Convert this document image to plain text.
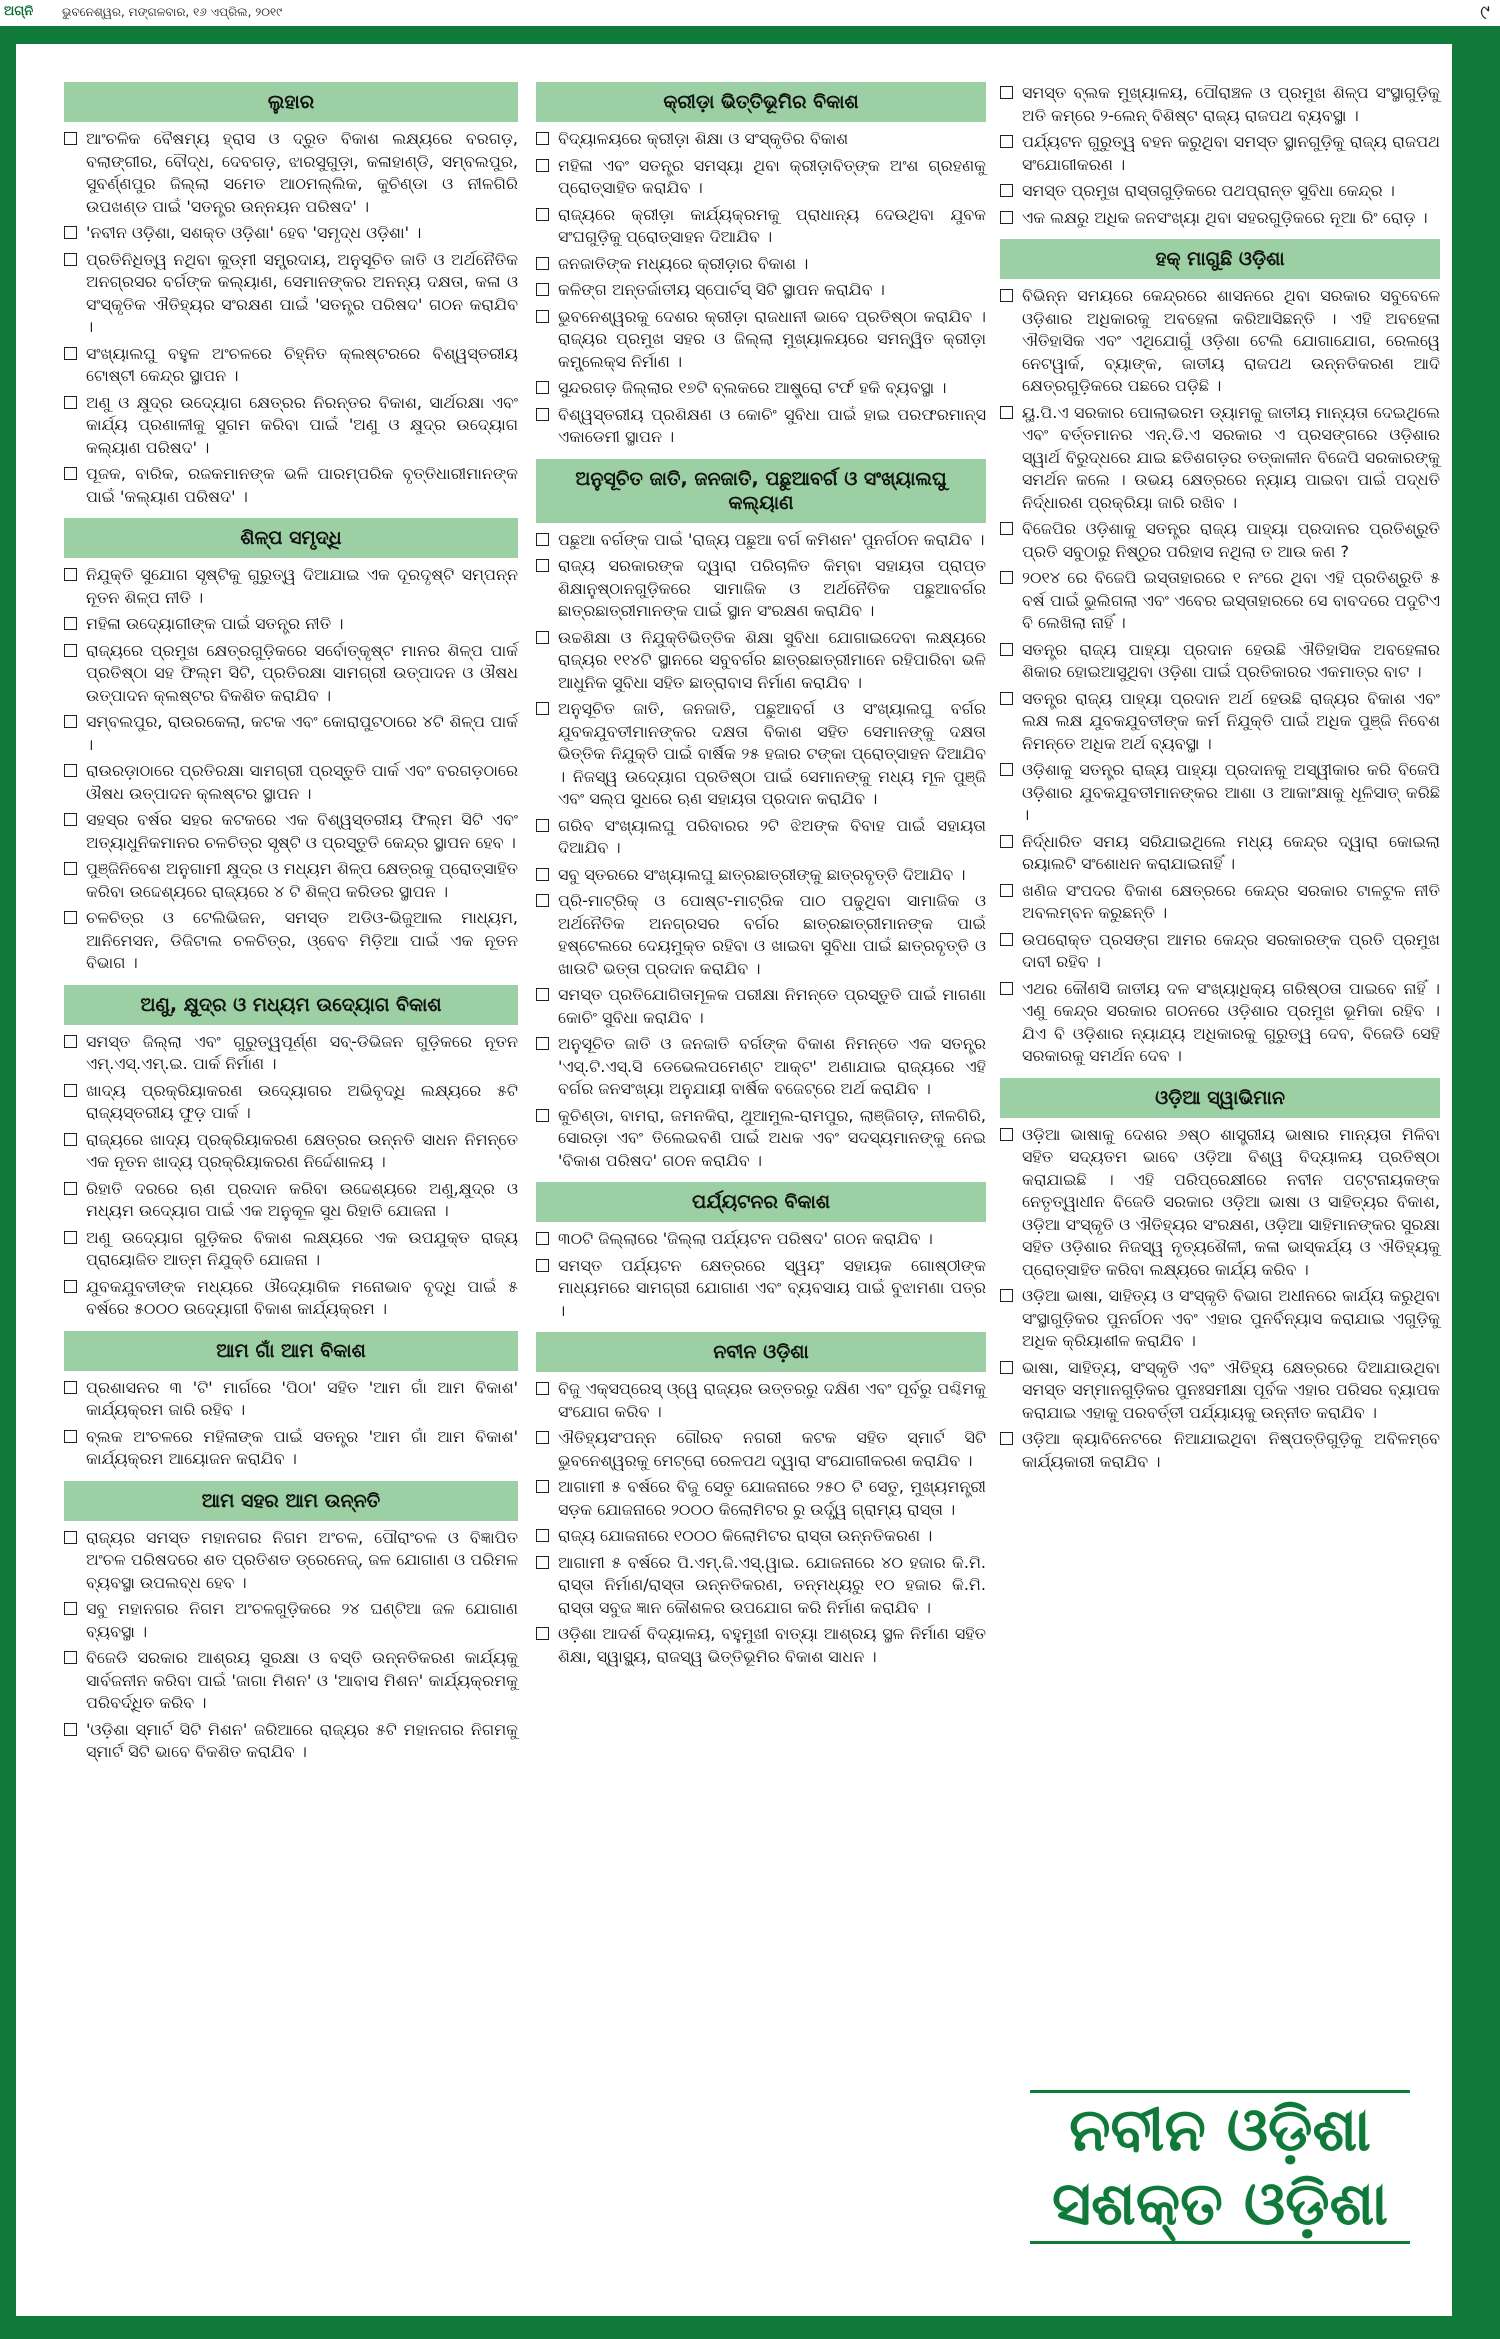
ଅଗ୍ନି ଭୁବନେଶ୍ୱର, ମଙ୍ଗଳବାର, ୧୬ ଏପ୍ରିଲ, ୨୦୧୯	୯
ଲୁହାର
ଆଂଚଳିକ ବୈଷମ୍ୟ ହ୍ରାସ ଓ ଦ୍ରୁତ ବିକାଶ ଲକ୍ଷ୍ୟରେ ବରଗଡ଼, ବଲାଙ୍ଗୀର, ବୌଦ୍ଧ, ଦେବଗଡ଼, ଝାରସୁଗୁଡ଼ା, କଳାହାଣ୍ଡି, ସମ୍ବଲପୁର, ସୁବର୍ଣ୍ଣପୁର ଜିଲ୍ଲା ସମେତ ଆଠମଲ୍ଲିକ, କୁଚିଣ୍ଡା ଓ ନୀଳଗିରି ଉପଖଣ୍ଡ ପାଇଁ 'ସତନ୍ତ୍ର ଉନ୍ନୟନ ପରିଷଦ' ।
'ନବୀନ ଓଡ଼ିଶା, ସଶକ୍ତ ଓଡ଼ିଶା' ହେବ 'ସମୃଦ୍ଧ ଓଡ଼ିଶା' ।
ପ୍ରତିନିଧିତ୍ୱ ନଥିବା କୁଡ୍ମୀ ସମ୍ପ୍ରଦାୟ, ଅନୁସୂଚିତ ଜାତି ଓ ଅର୍ଥନୈତିକ ଅନଗ୍ରସର ବର୍ଗଙ୍କ କଲ୍ୟାଣ, ସେମାନଙ୍କର ଅନନ୍ୟ ଦକ୍ଷତା, କଳା ଓ ସଂସ୍କୃତିକ ଐତିହ୍ୟର ସଂରକ୍ଷଣ ପାଇଁ 'ସତନ୍ତ୍ର ପରିଷଦ' ଗଠନ କରାଯିବ ।
ସଂଖ୍ୟାଲଘୁ ବହୁଳ ଅଂଚଳରେ ଚିହ୍ନିତ କ୍ଲଷ୍ଟରରେ ବିଶ୍ୱସ୍ତରୀୟ ଟୋଷ୍ଟୀ କେନ୍ଦ୍ର ସ୍ଥାପନ ।
ଅଣୁ ଓ କ୍ଷୁଦ୍ର ଉଦ୍ୟୋଗ କ୍ଷେତ୍ରର ନିରନ୍ତର ବିକାଶ, ସାର୍ଥରକ୍ଷା ଏବଂ କାର୍ଯ୍ୟ ପ୍ରଣାଳୀକୁ ସୁଗମ କରିବା ପାଇଁ 'ଅଣୁ ଓ କ୍ଷୁଦ୍ର ଉଦ୍ୟୋଗ କଲ୍ୟାଣ ପରିଷଦ' ।
ପୂଜକ, ବାରିକ, ରଜକମାନଙ୍କ ଭଳି ପାରମ୍ପରିକ ବୃତ୍ତିଧାରୀମାନଙ୍କ ପାଇଁ 'କଲ୍ୟାଣ ପରିଷଦ' ।
ଶିଳ୍ପ ସମୃଦ୍ଧି
ନିଯୁକ୍ତି ସୁଯୋଗ ସୃଷ୍ଟିକୁ ଗୁରୁତ୍ୱ ଦିଆଯାଇ ଏକ ଦୂରଦୃଷ୍ଟି ସମ୍ପନ୍ନ ନୂତନ ଶିଳ୍ପ ନୀତି ।
ମହିଳା ଉଦ୍ୟୋଗୀଙ୍କ ପାଇଁ ସତନ୍ତ୍ର ନୀତି ।
ରାଜ୍ୟରେ ପ୍ରମୁଖ କ୍ଷେତ୍ରଗୁଡ଼ିକରେ ସର୍ବୋତ୍କୃଷ୍ଟ ମାନର ଶିଳ୍ପ ପାର୍କ ପ୍ରତିଷ୍ଠା ସହ ଫିଲ୍ମ ସିଟି, ପ୍ରତିରକ୍ଷା ସାମଗ୍ରୀ ଉତ୍ପାଦନ ଓ ଔଷଧ ଉତ୍ପାଦନ କ୍ଲଷ୍ଟର ବିକଶିତ କରାଯିବ ।
ସମ୍ବଲପୁର, ରାଉରକେଲା, କଟକ ଏବଂ କୋରାପୁଟଠାରେ ୪ଟି ଶିଳ୍ପ ପାର୍କ ।
ରାଉରଡ଼ାଠାରେ ପ୍ରତିରକ୍ଷା ସାମଗ୍ରୀ ପ୍ରସ୍ତୁତି ପାର୍କ ଏବଂ ବରଗଡ଼ଠାରେ ଔଷଧ ଉତ୍ପାଦନ କ୍ଲଷ୍ଟର ସ୍ଥାପନ ।
ସହସ୍ର ବର୍ଷର ସହର କଟକରେ ଏକ ବିଶ୍ୱସ୍ତରୀୟ ଫିଲ୍ମ ସିଟି ଏବଂ ଅତ୍ୟାଧୁନିକମାନର ଚଳଚିତ୍ର ସୃଷ୍ଟି ଓ ପ୍ରସ୍ତୁତି କେନ୍ଦ୍ର ସ୍ଥାପନ ହେବ ।
ପୁଞ୍ଜିନିବେଶ ଅନୁଗାମୀ କ୍ଷୁଦ୍ର ଓ ମଧ୍ୟମ ଶିଳ୍ପ କ୍ଷେତ୍ରକୁ ପ୍ରୋତ୍ସାହିତ କରିବା ଉଦ୍ଦେଶ୍ୟରେ ରାଜ୍ୟରେ ୪ ଟି ଶିଳ୍ପ କରିଡର ସ୍ଥାପନ ।
ଚଳଚିତ୍ର ଓ ଟେଲିଭିଜନ, ସମସ୍ତ ଅଡିଓ-ଭିଜୁଆଲ ମାଧ୍ୟମ, ଆନିମେସନ, ଡିଜିଟାଲ ଚଳଚିତ୍ର, ଓ୍ବେବ ମିଡ଼ିଆ ପାଇଁ ଏକ ନୂତନ ବିଭାଗ ।
ଅଣୁ, କ୍ଷୁଦ୍ର ଓ ମଧ୍ୟମ ଉଦ୍ୟୋଗ ବିକାଶ
ସମସ୍ତ ଜିଲ୍ଲା ଏବଂ ଗୁରୁତ୍ୱପୂର୍ଣ୍ଣ ସବ୍-ଡିଭିଜନ ଗୁଡ଼ିକରେ ନୂତନ ଏମ୍.ଏସ୍.ଏମ୍.ଇ. ପାର୍କ ନିର୍ମାଣ ।
ଖାଦ୍ୟ ପ୍ରକ୍ରିୟାକରଣ ଉଦ୍ୟୋଗର ଅଭିବୃଦ୍ଧି ଲକ୍ଷ୍ୟରେ ୫ଟି ରାଜ୍ୟସ୍ତରୀୟ ଫୁଡ଼ ପାର୍କ ।
ରାଜ୍ୟରେ ଖାଦ୍ୟ ପ୍ରକ୍ରିୟାକରଣ କ୍ଷେତ୍ରର ଉନ୍ନତି ସାଧନ ନିମନ୍ତେ ଏକ ନୂତନ ଖାଦ୍ୟ ପ୍ରକ୍ରିୟାକରଣ ନିର୍ଦ୍ଦେଶାଳୟ ।
ରିହାତି ଦରରେ ଋଣ ପ୍ରଦାନ କରିବା ଉଦ୍ଦେଶ୍ୟରେ ଅଣୁ,କ୍ଷୁଦ୍ର ଓ ମଧ୍ୟମ ଉଦ୍ୟୋଗ ପାଇଁ ଏକ ଅନୁକୂଳ ସୁଧ ରିହାତି ଯୋଜନା ।
ଅଣୁ ଉଦ୍ୟୋଗ ଗୁଡ଼ିକର ବିକାଶ ଲକ୍ଷ୍ୟରେ ଏକ ଉପଯୁକ୍ତ ରାଜ୍ୟ ପ୍ରାୟୋଜିତ ଆତ୍ମ ନିଯୁକ୍ତି ଯୋଜନା ।
ଯୁବକଯୁବତୀଙ୍କ ମଧ୍ୟରେ ଔଦ୍ୟୋଗିକ ମନୋଭାବ ବୃଦ୍ଧି ପାଇଁ ୫ ବର୍ଷରେ ୫୦୦୦ ଉଦ୍ୟୋଗୀ ବିକାଶ କାର୍ଯ୍ୟକ୍ରମ ।
ଆମ ଗାଁ ଆମ ବିକାଶ
ପ୍ରଶାସନର ୩ 'ଟି' ମାର୍ଗରେ 'ପିଠା' ସହିତ 'ଆମ ଗାଁ ଆମ ବିକାଶ' କାର୍ଯ୍ୟକ୍ରମ ଜାରି ରହିବ ।
ବ୍ଲକ ଅଂଚଳରେ ମହିଳାଙ୍କ ପାଇଁ ସତନ୍ତ୍ର 'ଆମ ଗାଁ ଆମ ବିକାଶ' କାର୍ଯ୍ୟକ୍ରମ ଆୟୋଜନ କରାଯିବ ।
ଆମ ସହର ଆମ ଉନ୍ନତି
ରାଜ୍ୟର ସମସ୍ତ ମହାନଗର ନିଗମ ଅଂଚଳ, ପୌରାଂଚଳ ଓ ବିଜ୍ଞାପିତ ଅଂଚଳ ପରିଷଦରେ ଶତ ପ୍ରତିଶତ ଡ୍ରେନେଜ୍, ଜଳ ଯୋଗାଣ ଓ ପରିମଳ ବ୍ୟବସ୍ଥା ଉପଲବ୍ଧ ହେବ ।
ସବୁ ମହାନଗର ନିଗମ ଅଂଚଳଗୁଡ଼ିକରେ ୨୪ ଘଣ୍ଟିଆ ଜଳ ଯୋଗାଣ ବ୍ୟବସ୍ଥା ।
ବିଜେଡି ସରକାର ଆଶ୍ରୟ ସୁରକ୍ଷା ଓ ବସ୍ତି ଉନ୍ନତିକରଣ କାର୍ଯ୍ୟକୁ ସାର୍ବଜନୀନ କରିବା ପାଇଁ 'ଜାଗା ମିଶନ' ଓ 'ଆବାସ ମିଶନ' କାର୍ଯ୍ୟକ୍ରମକୁ ପରିବର୍ଦ୍ଧିତ କରିବ ।
'ଓଡ଼ିଶା ସ୍ମାର୍ଟ ସିଟି ମିଶନ' ଜରିଆରେ ରାଜ୍ୟର ୫ଟି ମହାନଗର ନିଗମକୁ ସ୍ମାର୍ଟ ସିଟି ଭାବେ ବିକଶିତ କରାଯିବ ।
କ୍ରୀଡ଼ା ଭିତ୍ତିଭୂମିର ବିକାଶ
ବିଦ୍ୟାଳୟରେ କ୍ରୀଡ଼ା ଶିକ୍ଷା ଓ ସଂସ୍କୃତିର ବିକାଶ
ମହିଳା ଏବଂ ସତନ୍ତ୍ର ସମସ୍ୟା ଥିବା କ୍ରୀଡ଼ାବିତ୍‌ଙ୍କ ଅଂଶ ଗ୍ରହଣକୁ ପ୍ରୋତ୍ସାହିତ କରାଯିବ ।
ରାଜ୍ୟରେ କ୍ରୀଡ଼ା କାର୍ଯ୍ୟକ୍ରମକୁ ପ୍ରାଧାନ୍ୟ ଦେଉଥିବା ଯୁବକ ସଂଘଗୁଡ଼ିକୁ ପ୍ରୋତ୍ସାହନ ଦିଆଯିବ ।
ଜନଜାତିଙ୍କ ମଧ୍ୟରେ କ୍ରୀଡ଼ାର ବିକାଶ ।
କଳିଙ୍ଗ ଅନ୍ତର୍ଜାତୀୟ ସ୍ପୋର୍ଟସ୍ ସିଟି ସ୍ଥାପନ କରାଯିବ ।
ଭୁବନେଶ୍ୱରକୁ ଦେଶର କ୍ରୀଡ଼ା ରାଜଧାନୀ ଭାବେ ପ୍ରତିଷ୍ଠା କରାଯିବ । ରାଜ୍ୟର ପ୍ରମୁଖ ସହର ଓ ଜିଲ୍ଲା ମୁଖ୍ୟାଳୟରେ ସମନ୍ୱିତ କ୍ରୀଡ଼ା କମ୍ପ୍ଲେକ୍ସ ନିର୍ମାଣ ।
ସୁନ୍ଦରଗଡ଼ ଜିଲ୍ଲାର ୧୭ଟି ବ୍ଲକରେ ଆଷ୍ଟ୍ରୋ ଟର୍ଫ ହକି ବ୍ୟବସ୍ଥା ।
ବିଶ୍ୱସ୍ତରୀୟ ପ୍ରଶିକ୍ଷଣ ଓ କୋଚିଂ ସୁବିଧା ପାଇଁ ହାଇ ପରଫରମାନ୍ସ ଏକାଡେମୀ ସ୍ଥାପନ ।
ଅନୁସୂଚିତ ଜାତି, ଜନଜାତି, ପଛୁଆବର୍ଗ ଓ ସଂଖ୍ୟାଲଘୁ କଲ୍ୟାଣ
ପଛୁଆ ବର୍ଗଙ୍କ ପାଇଁ 'ରାଜ୍ୟ ପଛୁଆ ବର୍ଗ କମିଶନ' ପୁନର୍ଗଠନ କରାଯିବ ।
ରାଜ୍ୟ ସରକାରଙ୍କ ଦ୍ୱାରା ପରିଚାଳିତ କିମ୍ବା ସହାୟତା ପ୍ରାପ୍ତ ଶିକ୍ଷାନୁଷ୍ଠାନଗୁଡ଼ିକରେ ସାମାଜିକ ଓ ଅର୍ଥନୈତିକ ପଛୁଆବର୍ଗର ଛାତ୍ରଛାତ୍ରୀମାନଙ୍କ ପାଇଁ ସ୍ଥାନ ସଂରକ୍ଷଣ କରାଯିବ ।
ଉଚ୍ଚଶିକ୍ଷା ଓ ନିଯୁକ୍ତିଭିତ୍ତିକ ଶିକ୍ଷା ସୁବିଧା ଯୋଗାଇଦେବା ଲକ୍ଷ୍ୟରେ ରାଜ୍ୟର ୧୧୪ଟି ସ୍ଥାନରେ ସବୁବର୍ଗର ଛାତ୍ରଛାତ୍ରୀମାନେ ରହିପାରିବା ଭଳି ଆଧୁନିକ ସୁବିଧା ସହିତ ଛାତ୍ରାବାସ ନିର୍ମାଣ କରାଯିବ ।
ଅନୁସୂଚିତ ଜାତି, ଜନଜାତି, ପଛୁଆବର୍ଗ ଓ ସଂଖ୍ୟାଲଘୁ ବର୍ଗର ଯୁବକଯୁବତୀମାନଙ୍କର ଦକ୍ଷତା ବିକାଶ ସହିତ ସେମାନଙ୍କୁ ଦକ୍ଷତା ଭିତ୍ତିକ ନିଯୁକ୍ତି ପାଇଁ ବାର୍ଷିକ ୨୫ ହଜାର ଟଙ୍କା ପ୍ରୋତ୍ସାହନ ଦିଆଯିବ । ନିଜସ୍ୱ ଉଦ୍ୟୋଗ ପ୍ରତିଷ୍ଠା ପାଇଁ ସେମାନଙ୍କୁ ମଧ୍ୟ ମୂଳ ପୁଞ୍ଜି ଏବଂ ସଲ୍ପ ସୁଧରେ ଋଣ ସହାୟତା ପ୍ରଦାନ କରାଯିବ ।
ଗରିବ ସଂଖ୍ୟାଲଘୁ ପରିବାରର ୨ଟି ଝିଅଙ୍କ ବିବାହ ପାଇଁ ସହାୟତା ଦିଆଯିବ ।
ସବୁ ସ୍ତରରେ ସଂଖ୍ୟାଲଘୁ ଛାତ୍ରଛାତ୍ରୀଙ୍କୁ ଛାତ୍ରବୃତ୍ତି ଦିଆଯିବ ।
ପ୍ରି-ମାଟ୍ରିକ୍ ଓ ପୋଷ୍ଟ-ମାଟ୍ରିକ ପାଠ ପଢୁଥିବା ସାମାଜିକ ଓ ଅର୍ଥନୈତିକ ଅନଗ୍ରସର ବର୍ଗର ଛାତ୍ରଛାତ୍ରୀମାନଙ୍କ ପାଇଁ ହଷ୍ଟେଲରେ ଦେୟମୁକ୍ତ ରହିବା ଓ ଖାଇବା ସୁବିଧା ପାଇଁ ଛାତ୍ରବୃତ୍ତି ଓ ଖାଉଟି ଭତ୍ତା ପ୍ରଦାନ କରାଯିବ ।
ସମସ୍ତ ପ୍ରତିଯୋଗିତାମୂଳକ ପରୀକ୍ଷା ନିମନ୍ତେ ପ୍ରସ୍ତୁତି ପାଇଁ ମାଗଣା କୋଚିଂ ସୁବିଧା କରାଯିବ ।
ଅନୁସୂଚିତ ଜାତି ଓ ଜନଜାତି ବର୍ଗଙ୍କ ବିକାଶ ନିମନ୍ତେ ଏକ ସତନ୍ତ୍ର 'ଏସ୍.ଟି.ଏସ୍.ସି ଡେଭେଲପମେଣ୍ଟ ଆକ୍ଟ' ଅଣାଯାଇ ରାଜ୍ୟରେ ଏହି ବର୍ଗର ଜନସଂଖ୍ୟା ଅନୁଯାୟୀ ବାର୍ଷିକ ବଜେଟ୍‌ରେ ଅର୍ଥ କରାଯିବ ।
କୁଚିଣ୍ଡା, ବାମରା, ଜମନକିରା, ଥୁଆମୁଲ-ରାମପୁର, ଲାଞ୍ଜିଗଡ଼, ନୀଳଗିରି, ସୋରଡ଼ା ଏବଂ ତିଲେଇବଣି ପାଇଁ ଅଧକ ଏବଂ ସଦସ୍ୟମାନଙ୍କୁ ନେଇ 'ବିକାଶ ପରିଷଦ' ଗଠନ କରାଯିବ ।
ପର୍ଯ୍ୟଟନର ବିକାଶ
୩୦ଟି ଜିଲ୍ଲାରେ 'ଜିଲ୍ଲା ପର୍ଯ୍ୟଟନ ପରିଷଦ' ଗଠନ କରାଯିବ ।
ସମସ୍ତ ପର୍ଯ୍ୟଟନ କ୍ଷେତ୍ରରେ ସ୍ୱୟଂ ସହାୟକ ଗୋଷ୍ଠୀଙ୍କ ମାଧ୍ୟମରେ ସାମଗ୍ରୀ ଯୋଗାଣ ଏବଂ ବ୍ୟବସାୟ ପାଇଁ ବୁଝାମଣା ପତ୍ର ।
ନବୀନ ଓଡ଼ିଶା
ବିଜୁ ଏକ୍ସପ୍ରେସ୍ ଓ୍ୱେ ରାଜ୍ୟର ଉତ୍ତରରୁ ଦକ୍ଷିଣ ଏବଂ ପୂର୍ବରୁ ପଶ୍ଚିମକୁ ସଂଯୋଗ କରିବ ।
ଐତିହ୍ୟସଂପନ୍ନ ଗୌରବ ନଗରୀ କଟକ ସହିତ ସ୍ମାର୍ଟ ସିଟି ଭୁବନେଶ୍ୱରକୁ ମେଟ୍ରୋ ରେଳପଥ ଦ୍ୱାରା ସଂଯୋଗୀକରଣ କରାଯିବ ।
ଆଗାମୀ ୫ ବର୍ଷରେ ବିଜୁ ସେତୁ ଯୋଜନାରେ ୨୫୦ ଟି ସେତୁ, ମୁଖ୍ୟମନ୍ତ୍ରୀ ସଡ଼କ ଯୋଜନାରେ ୨୦୦୦ କିଲୋମିଟର ରୁ ଉର୍ଦ୍ଧ୍ୱ ଗ୍ରାମ୍ୟ ରାସ୍ତା ।
ରାଜ୍ୟ ଯୋଜନାରେ ୧୦୦୦ କିଲୋମିଟର ରାସ୍ତା ଉନ୍ନତିକରଣ ।
ଆଗାମୀ ୫ ବର୍ଷରେ ପି.ଏମ୍.ଜି.ଏସ୍.ୱାଇ. ଯୋଜନାରେ ୪୦ ହଜାର କି.ମି. ରାସ୍ତା ନିର୍ମାଣ/ରାସ୍ତା ଉନ୍ନତିକରଣ, ତନ୍ମଧ୍ୟରୁ ୧୦ ହଜାର କି.ମି. ରାସ୍ତା ସବୁଜ ଜ୍ଞାନ କୌଶଳର ଉପଯୋଗ କରି ନିର୍ମାଣ କରାଯିବ ।
ଓଡ଼ିଶା ଆଦର୍ଶ ବିଦ୍ୟାଳୟ, ବହୁମୁଖୀ ବାତ୍ୟା ଆଶ୍ରୟ ସ୍ଥଳ ନିର୍ମାଣ ସହିତ ଶିକ୍ଷା, ସ୍ୱାସ୍ଥ୍ୟ, ରାଜସ୍ୱ ଭିତ୍ତିଭୂମିର ବିକାଶ ସାଧନ ।
ସମସ୍ତ ବ୍ଲକ ମୁଖ୍ୟାଳୟ, ପୌରାଞ୍ଚଳ ଓ ପ୍ରମୁଖ ଶିଳ୍ପ ସଂସ୍ଥାଗୁଡ଼ିକୁ ଅତି କମ୍‌ରେ ୨-ଲେନ୍ ବିଶିଷ୍ଟ ରାଜ୍ୟ ରାଜପଥ ବ୍ୟବସ୍ଥା ।
ପର୍ଯ୍ୟଟନ ଗୁରୁତ୍ୱ ବହନ କରୁଥିବା ସମସ୍ତ ସ୍ଥାନଗୁଡ଼ିକୁ ରାଜ୍ୟ ରାଜପଥ ସଂଯୋଗୀକରଣ ।
ସମସ୍ତ ପ୍ରମୁଖ ରାସ୍ତାଗୁଡ଼ିକରେ ପଥପ୍ରାନ୍ତ ସୁବିଧା କେନ୍ଦ୍ର ।
ଏକ ଲକ୍ଷରୁ ଅଧିକ ଜନସଂଖ୍ୟା ଥିବା ସହରଗୁଡ଼ିକରେ ନୂଆ ରିଂ ରୋଡ଼ ।
ହକ୍ ମାଗୁଛି ଓଡ଼ିଶା
ବିଭିନ୍ନ ସମୟରେ କେନ୍ଦ୍ରରେ ଶାସନରେ ଥିବା ସରକାର ସବୁବେଳେ ଓଡ଼ିଶାର ଅଧିକାରକୁ ଅବହେଳା କରିଆସିଛନ୍ତି । ଏହି ଅବହେଳା ଐତିହାସିକ ଏବଂ ଏଥିଯୋଗୁଁ ଓଡ଼ିଶା ଟେଲି ଯୋଗାଯୋଗ, ରେଲୱେ ନେଟୱାର୍କ, ବ୍ୟାଙ୍କ, ଜାତୀୟ ରାଜପଥ ଉନ୍ନତିକରଣ ଆଦି କ୍ଷେତ୍ରଗୁଡ଼ିକରେ ପଛରେ ପଡ଼ିଛି ।
ୟୁ.ପି.ଏ ସରକାର ପୋଲାଭରମ ଡ୍ୟାମକୁ ଜାତୀୟ ମାନ୍ୟତା ଦେଇଥିଲେ ଏବଂ ବର୍ତ୍ତମାନର ଏନ୍.ଡି.ଏ ସରକାର ଏ ପ୍ରସଙ୍ଗରେ ଓଡ଼ିଶାର ସ୍ୱାର୍ଥ ବିରୁଦ୍ଧରେ ଯାଇ ଛତିଶଗଡ଼ର ତତ୍କାଳୀନ ବିଜେପି ସରକାରଙ୍କୁ ସମର୍ଥନ କଲେ । ଉଭୟ କ୍ଷେତ୍ରରେ ନ୍ୟାୟ ପାଇବା ପାଇଁ ପଦ୍ଧତି ନିର୍ଦ୍ଧାରଣ ପ୍ରକ୍ରିୟା ଜାରି ରଖିବ ।
ବିଜେପିର ଓଡ଼ିଶାକୁ ସତନ୍ତ୍ର ରାଜ୍ୟ ପାହ୍ୟା ପ୍ରଦାନର ପ୍ରତିଶ୍ରୁତି ପ୍ରତି ସବୁଠାରୁ ନିଷ୍ଠୁର ପରିହାସ ନଥିଲା ତ ଆଉ କଣ ?
୨୦୧୪ ରେ ବିଜେପି ଇସ୍ତାହାରରେ ୧ ନଂରେ ଥିବା ଏହି ପ୍ରତିଶ୍ରୁତି ୫ ବର୍ଷ ପାଇଁ ଭୁଲିଗଲା ଏବଂ ଏବେର ଇସ୍ତାହାରରେ ସେ ବାବଦରେ ପଦୁଟିଏ ବି ଲେଖିଲା ନାହିଁ ।
ସତନ୍ତ୍ର ରାଜ୍ୟ ପାହ୍ୟା ପ୍ରଦାନ ହେଉଛି ଐତିହାସିକ ଅବହେଳାର ଶିକାର ହୋଇଆସୁଥିବା ଓଡ଼ିଶା ପାଇଁ ପ୍ରତିକାରର ଏକମାତ୍ର ବାଟ ।
ସତନ୍ତ୍ର ରାଜ୍ୟ ପାହ୍ୟା ପ୍ରଦାନ ଅର୍ଥ ହେଉଛି ରାଜ୍ୟର ବିକାଶ ଏବଂ ଲକ୍ଷ ଲକ୍ଷ ଯୁବକଯୁବତୀଙ୍କ କର୍ମ ନିଯୁକ୍ତି ପାଇଁ ଅଧିକ ପୁଞ୍ଜି ନିବେଶ ନିମନ୍ତେ ଅଧିକ ଅର୍ଥ ବ୍ୟବସ୍ଥା ।
ଓଡ଼ିଶାକୁ ସତନ୍ତ୍ର ରାଜ୍ୟ ପାହ୍ୟା ପ୍ରଦାନକୁ ଅସ୍ୱୀକାର କରି ବିଜେପି ଓଡ଼ିଶାର ଯୁବକଯୁବତୀମାନଙ୍କର ଆଶା ଓ ଆକାଂକ୍ଷାକୁ ଧୂଳିସାତ୍ କରିଛି ।
ନିର୍ଦ୍ଧାରିତ ସମୟ ସରିଯାଇଥିଲେ ମଧ୍ୟ କେନ୍ଦ୍ର ଦ୍ୱାରା କୋଇଲା ରୟାଲଟି ସଂଶୋଧନ କରାଯାଇନାହିଁ ।
ଖଣିଜ ସଂପଦର ବିକାଶ କ୍ଷେତ୍ରରେ କେନ୍ଦ୍ର ସରକାର ଟାଳଟୁଳ ନୀତି ଅବଲମ୍ବନ କରୁଛନ୍ତି ।
ଉପରୋକ୍ତ ପ୍ରସଙ୍ଗ ଆମର କେନ୍ଦ୍ର ସରକାରଙ୍କ ପ୍ରତି ପ୍ରମୁଖ ଦାବୀ ରହିବ ।
ଏଥର କୌଣସି ଜାତୀୟ ଦଳ ସଂଖ୍ୟାଧିକ୍ୟ ଗରିଷ୍ଠତା ପାଇବେ ନାହିଁ । ଏଣୁ କେନ୍ଦ୍ର ସରକାର ଗଠନରେ ଓଡ଼ିଶାର ପ୍ରମୁଖ ଭୂମିକା ରହିବ । ଯିଏ ବି ଓଡ଼ିଶାର ନ୍ୟାଯ୍ୟ ଅଧିକାରକୁ ଗୁରୁତ୍ୱ ଦେବ, ବିଜେଡି ସେହି ସରକାରକୁ ସମର୍ଥନ ଦେବ ।
ଓଡ଼ିଆ ସ୍ୱାଭିମାନ
ଓଡ଼ିଆ ଭାଷାକୁ ଦେଶର ୬ଷ୍ଠ ଶାସ୍ତ୍ରୀୟ ଭାଷାର ମାନ୍ୟତା ମିଳିବା ସହିତ ସଦ୍ୟତମ ଭାବେ ଓଡ଼ିଆ ବିଶ୍ୱ ବିଦ୍ୟାଳୟ ପ୍ରତିଷ୍ଠା କରାଯାଇଛି । ଏହି ପରିପ୍ରେକ୍ଷୀରେ ନବୀନ ପଟ୍ଟନାୟକଙ୍କ ନେତୃତ୍ୱାଧୀନ ବିଜେଡି ସରକାର ଓଡ଼ିଆ ଭାଷା ଓ ସାହିତ୍ୟର ବିକାଶ, ଓଡ଼ିଆ ସଂସ୍କୃତି ଓ ଐତିହ୍ୟର ସଂରକ୍ଷଣ, ଓଡ଼ିଆ ସାହିମାନଙ୍କର ସୁରକ୍ଷା ସହିତ ଓଡ଼ିଶାର ନିଜସ୍ୱ ନୃତ୍ୟଶୈଳୀ, କଳା ଭାସ୍କର୍ଯ୍ୟ ଓ ଐତିହ୍ୟକୁ ପ୍ରୋତ୍ସାହିତ କରିବା ଲକ୍ଷ୍ୟରେ କାର୍ଯ୍ୟ କରିବ ।
ଓଡ଼ିଆ ଭାଷା, ସାହିତ୍ୟ ଓ ସଂସ୍କୃତି ବିଭାଗ ଅଧୀନରେ କାର୍ଯ୍ୟ କରୁଥିବା ସଂସ୍ଥାଗୁଡ଼ିକର ପୁନର୍ଗଠନ ଏବଂ ଏହାର ପୁନର୍ବିନ୍ୟାସ କରାଯାଇ ଏଗୁଡ଼ିକୁ ଅଧିକ କ୍ରିୟାଶୀଳ କରାଯିବ ।
ଭାଷା, ସାହିତ୍ୟ, ସଂସ୍କୃତି ଏବଂ ଐତିହ୍ୟ କ୍ଷେତ୍ରରେ ଦିଆଯାଉଥିବା ସମସ୍ତ ସମ୍ମାନଗୁଡ଼ିକର ପୁନଃସମୀକ୍ଷା ପୂର୍ବକ ଏହାର ପରିସର ବ୍ୟାପକ କରାଯାଇ ଏହାକୁ ପରବର୍ତ୍ତୀ ପର୍ଯ୍ୟାୟକୁ ଉନ୍ନୀତ କରାଯିବ ।
ଓଡ଼ିଆ କ୍ୟାବିନେଟରେ ନିଆଯାଇଥିବା ନିଷ୍ପତ୍ତିଗୁଡ଼ିକୁ ଅବିଳମ୍ବେ କାର୍ଯ୍ୟକାରୀ କରାଯିବ ।
ନବୀନ ଓଡ଼ିଶା
ସଶକ୍ତ ଓଡ଼ିଶା
